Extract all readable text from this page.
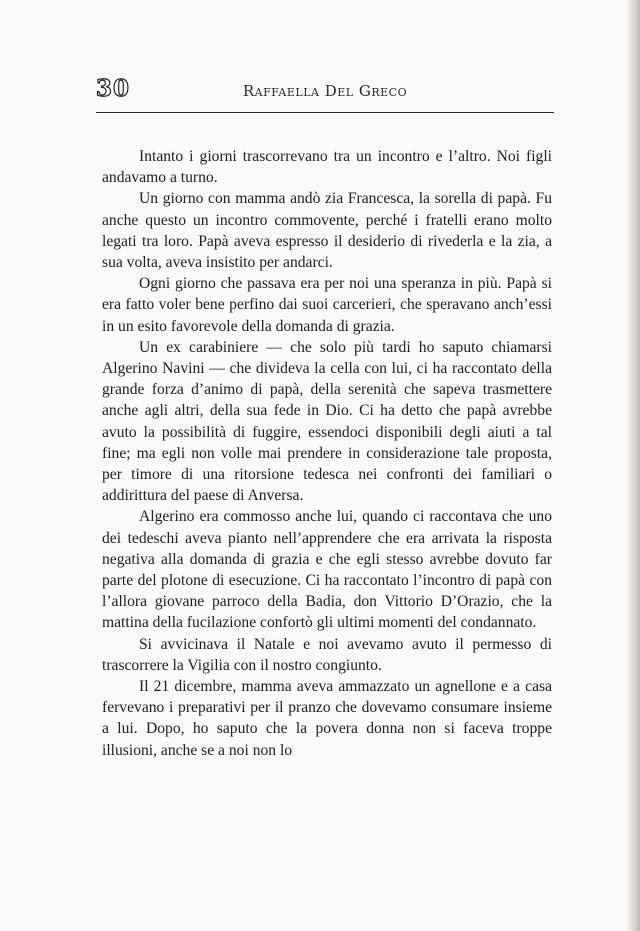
30	Raffaella Del Greco

Intanto i giorni trascorrevano tra un incontro e l’altro. Noi figli andavamo a turno.

Un giorno con mamma andò zia Francesca, la sorella di papà. Fu anche questo un incontro commovente, perché i fratelli erano molto legati tra loro. Papà aveva espresso il desiderio di rivederla e la zia, a sua volta, aveva insistito per andarci.

Ogni giorno che passava era per noi una speranza in più. Papà si era fatto voler bene perfino dai suoi carcerieri, che speravano anch’essi in un esito favorevole della domanda di grazia.

Un ex carabiniere — che solo più tardi ho saputo chiamarsi Algerino Navini — che divideva la cella con lui, ci ha raccontato della grande forza d’animo di papà, della serenità che sapeva trasmettere anche agli altri, della sua fede in Dio. Ci ha detto che papà avrebbe avuto la possibilità di fuggire, essendoci disponibili degli aiuti a tal fine; ma egli non volle mai prendere in considerazione tale proposta, per timore di una ritorsione tedesca nei confronti dei familiari o addirittura del paese di Anversa.

Algerino era commosso anche lui, quando ci raccontava che uno dei tedeschi aveva pianto nell’apprendere che era arrivata la risposta negativa alla domanda di grazia e che egli stesso avrebbe dovuto far parte del plotone di esecuzione. Ci ha raccontato l’incontro di papà con l’allora giovane parroco della Badia, don Vittorio D’Orazio, che la mattina della fucilazione confortò gli ultimi momenti del condannato.

Si avvicinava il Natale e noi avevamo avuto il permesso di trascorrere la Vigilia con il nostro congiunto.

Il 21 dicembre, mamma aveva ammazzato un agnellone e a casa fervevano i preparativi per il pranzo che dovevamo consumare insieme a lui. Dopo, ho saputo che la povera donna non si faceva troppe illusioni, anche se a noi non lo
